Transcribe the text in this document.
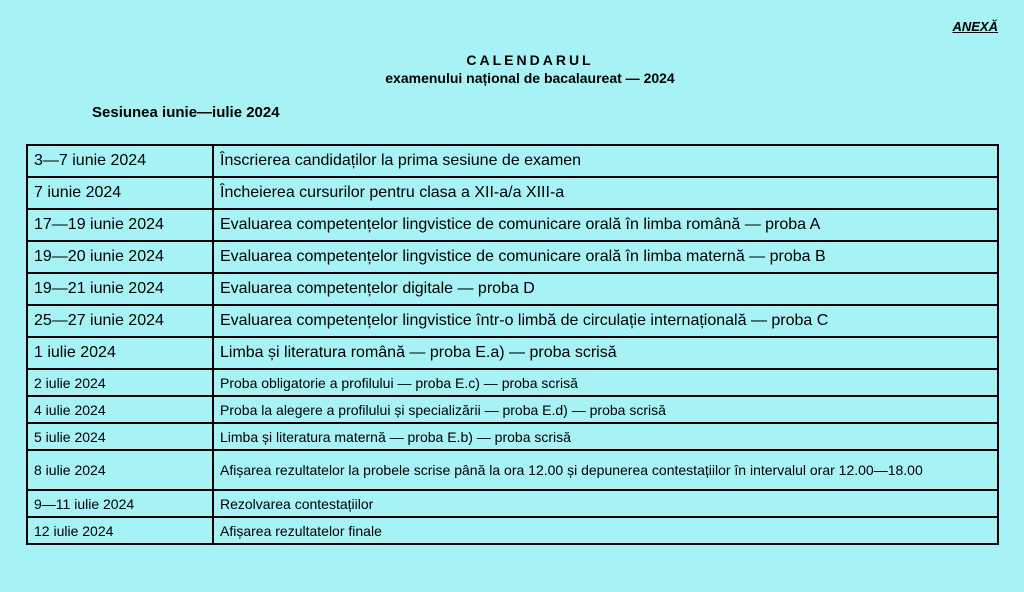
ANEXĂ
CALENDARUL
examenului național de bacalaureat — 2024
Sesiunea iunie—iulie 2024
3—7 iunie 2024	Înscrierea candidaților la prima sesiune de examen
7 iunie 2024	Încheierea cursurilor pentru clasa a XII-a/a XIII-a
17—19 iunie 2024	Evaluarea competențelor lingvistice de comunicare orală în limba română — proba A
19—20 iunie 2024	Evaluarea competențelor lingvistice de comunicare orală în limba maternă — proba B
19—21 iunie 2024	Evaluarea competențelor digitale — proba D
25—27 iunie 2024	Evaluarea competențelor lingvistice într-o limbă de circulație internațională — proba C
1 iulie 2024	Limba și literatura română — proba E.a) — proba scrisă
2 iulie 2024	Proba obligatorie a profilului — proba E.c) — proba scrisă
4 iulie 2024	Proba la alegere a profilului și specializării — proba E.d) — proba scrisă
5 iulie 2024	Limba și literatura maternă — proba E.b) — proba scrisă
8 iulie 2024	Afișarea rezultatelor la probele scrise până la ora 12.00 și depunerea contestațiilor în intervalul orar 12.00—18.00
9—11 iulie 2024	Rezolvarea contestațiilor
12 iulie 2024	Afișarea rezultatelor finale
